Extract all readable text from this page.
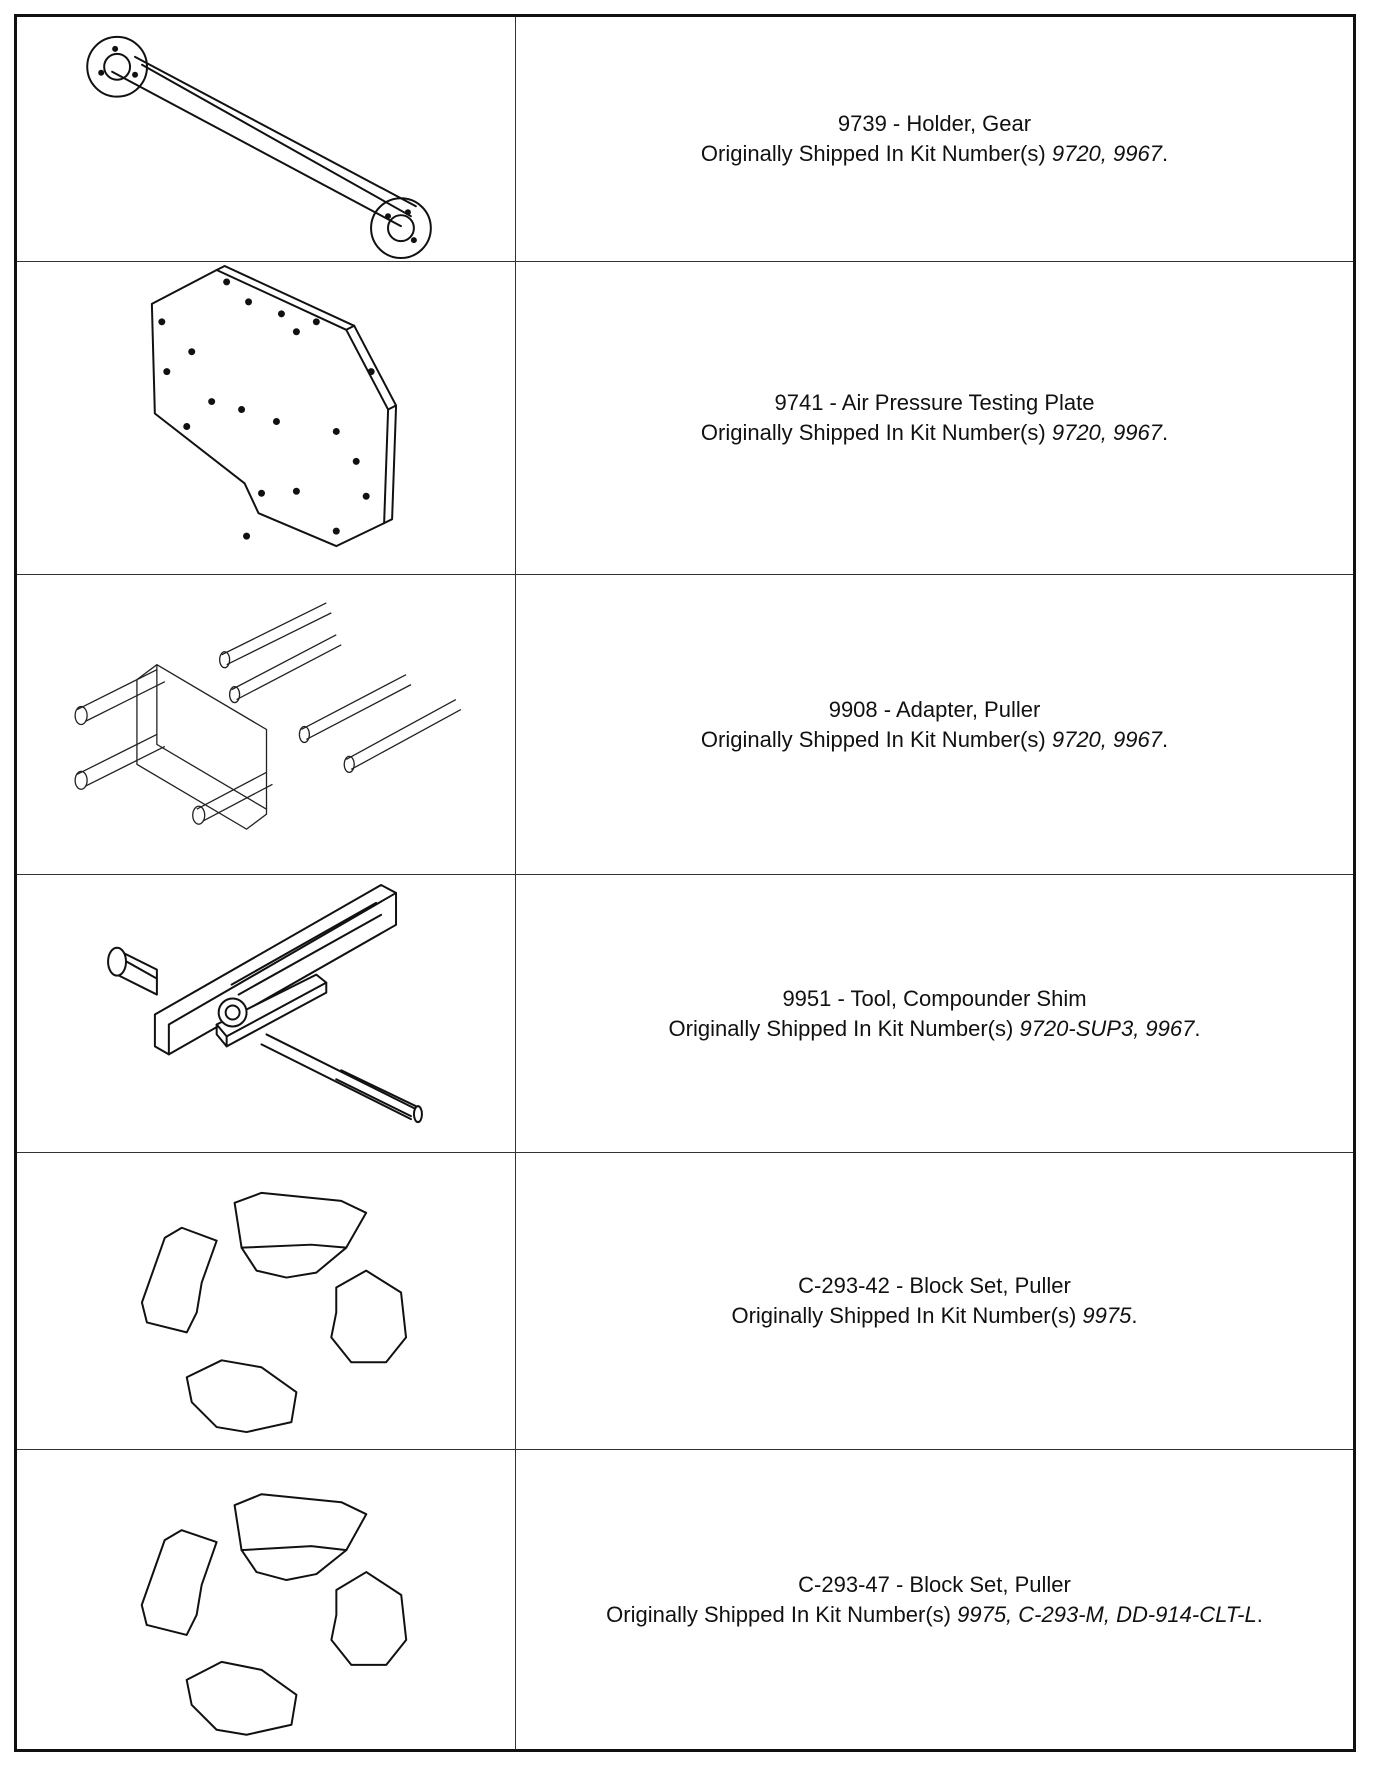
9739 - Holder, Gear
Originally Shipped In Kit Number(s) 9720, 9967.
9741 - Air Pressure Testing Plate
Originally Shipped In Kit Number(s) 9720, 9967.
9908 - Adapter, Puller
Originally Shipped In Kit Number(s) 9720, 9967.
9951 - Tool, Compounder Shim
Originally Shipped In Kit Number(s) 9720-SUP3, 9967.
C-293-42 - Block Set, Puller
Originally Shipped In Kit Number(s) 9975.
C-293-47 - Block Set, Puller
Originally Shipped In Kit Number(s) 9975, C-293-M, DD-914-CLT-L.
